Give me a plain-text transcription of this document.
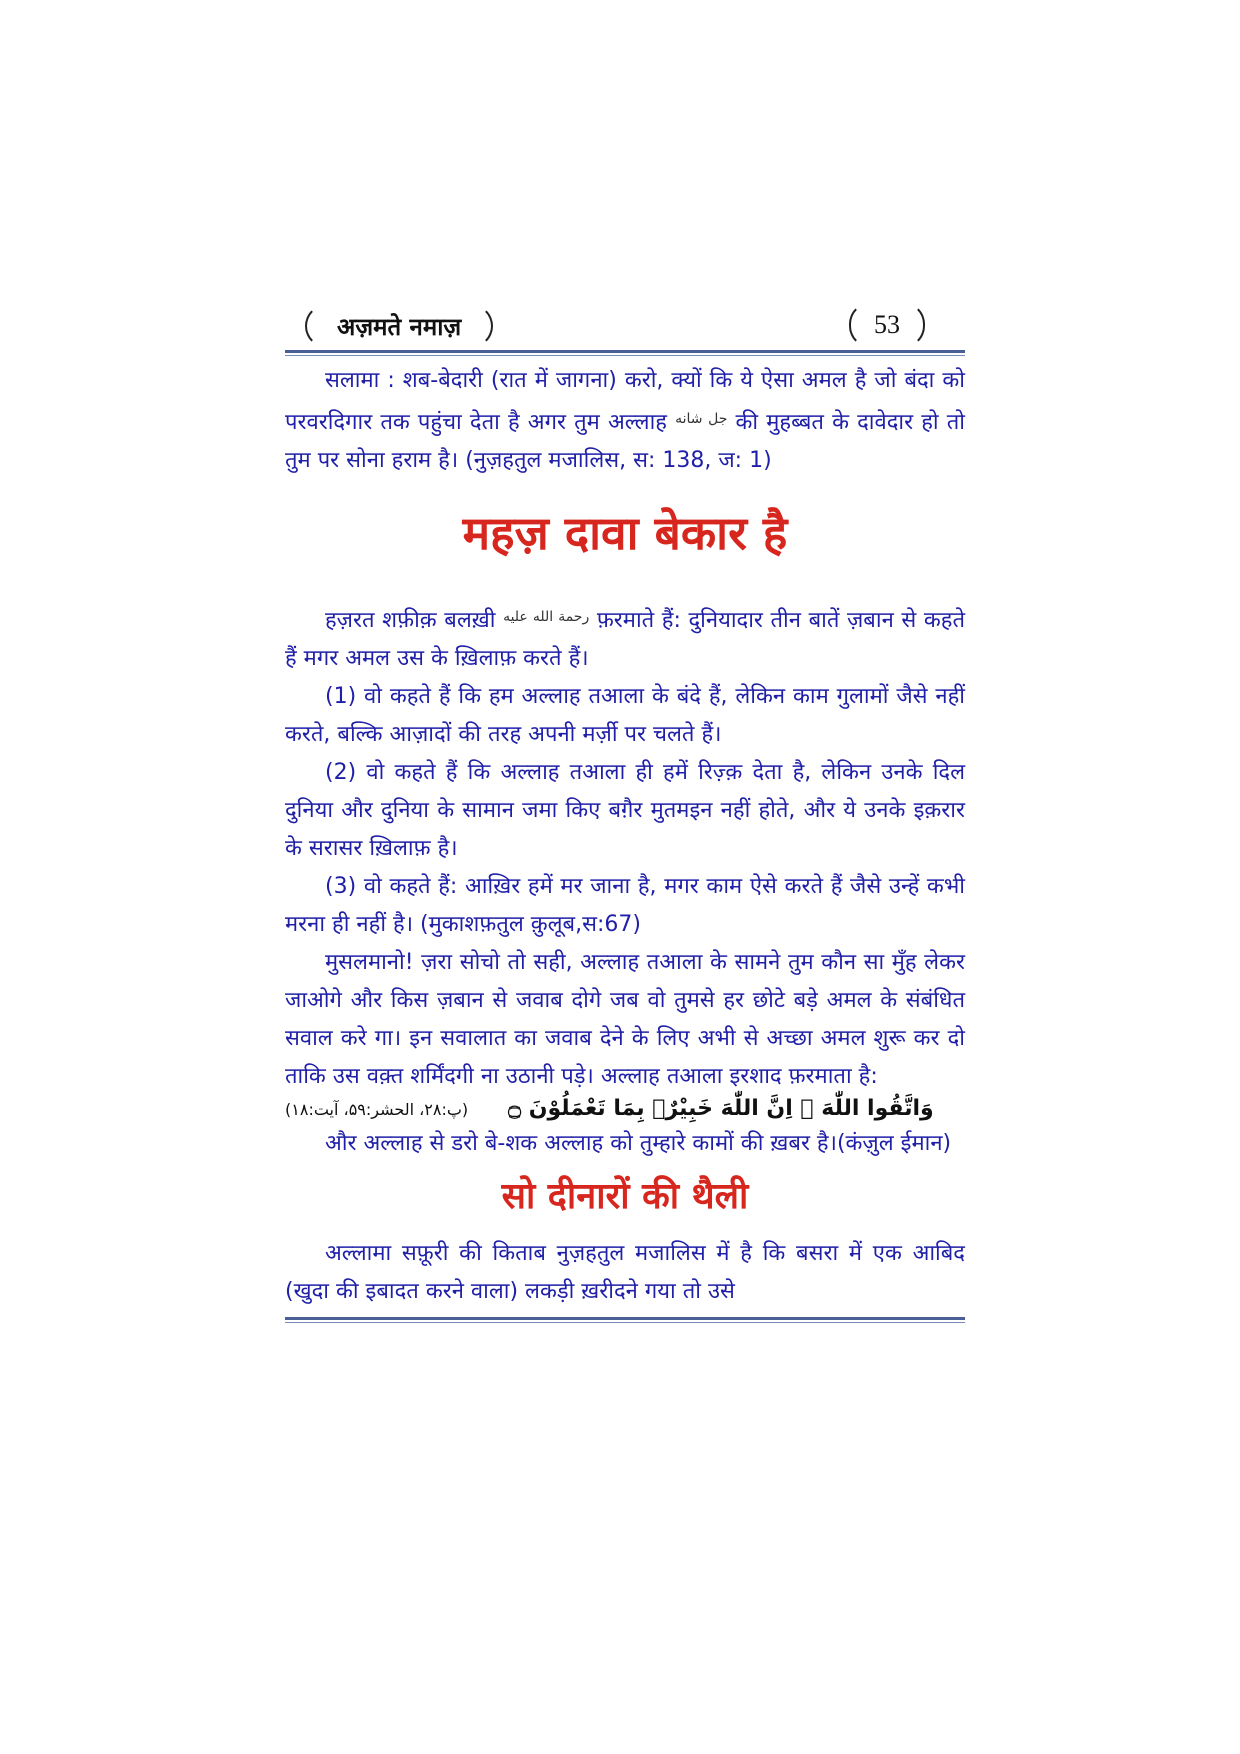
अज़मते नमाज़	53

सलामा : शब-बेदारी (रात में जागना) करो, क्यों कि ये ऐसा अमल है जो बंदा को परवरदिगार तक पहुंचा देता है अगर तुम अल्लाह $^{جل شانه}$ की मुहब्बत के दावेदार हो तो तुम पर सोना हराम है। (नुज़हतुल मजालिस, स: 138, ज: 1)

महज़ दावा बेकार है

हज़रत शफ़ीक़ बलख़ी $^{رحمة الله عليه}$ फ़रमाते हैं: दुनियादार तीन बातें ज़बान से कहते हैं मगर अमल उस के ख़िलाफ़ करते हैं।

(1) वो कहते हैं कि हम अल्लाह तआला के बंदे हैं, लेकिन काम गुलामों जैसे नहीं करते, बल्कि आज़ादों की तरह अपनी मर्ज़ी पर चलते हैं।

(2) वो कहते हैं कि अल्लाह तआला ही हमें रिज़्क़ देता है, लेकिन उनके दिल दुनिया और दुनिया के सामान जमा किए बग़ैर मुतमइन नहीं होते, और ये उनके इक़रार के सरासर ख़िलाफ़ है।

(3) वो कहते हैं: आख़िर हमें मर जाना है, मगर काम ऐसे करते हैं जैसे उन्हें कभी मरना ही नहीं है। (मुकाशफ़तुल क़ुलूब,स:67)

मुसलमानो! ज़रा सोचो तो सही, अल्लाह तआला के सामने तुम कौन सा मुँह लेकर जाओगे और किस ज़बान से जवाब दोगे जब वो तुमसे हर छोटे बड़े अमल के संबंधित सवाल करे गा। इन सवालात का जवाब देने के लिए अभी से अच्छा अमल शुरू कर दो ताकि उस वक़्त शर्मिंदगी ना उठानी पड़े। अल्लाह तआला इरशाद फ़रमाता है:

وَاتَّقُوا اللّٰهَ ۭ اِنَّ اللّٰهَ خَبِيْرٌۢ بِمَا تَعْمَلُوْنَ ۝
(پ:۲۸، الحشر:۵۹، آیت:۱۸)

और अल्लाह से डरो बे-शक अल्लाह को तुम्हारे कामों की ख़बर है।(कंज़ुल ईमान)

सो दीनारों की थैली

अल्लामा सफ़ूरी की किताब नुज़हतुल मजालिस में है कि बसरा में एक आबिद (खुदा की इबादत करने वाला) लकड़ी ख़रीदने गया तो उसे
